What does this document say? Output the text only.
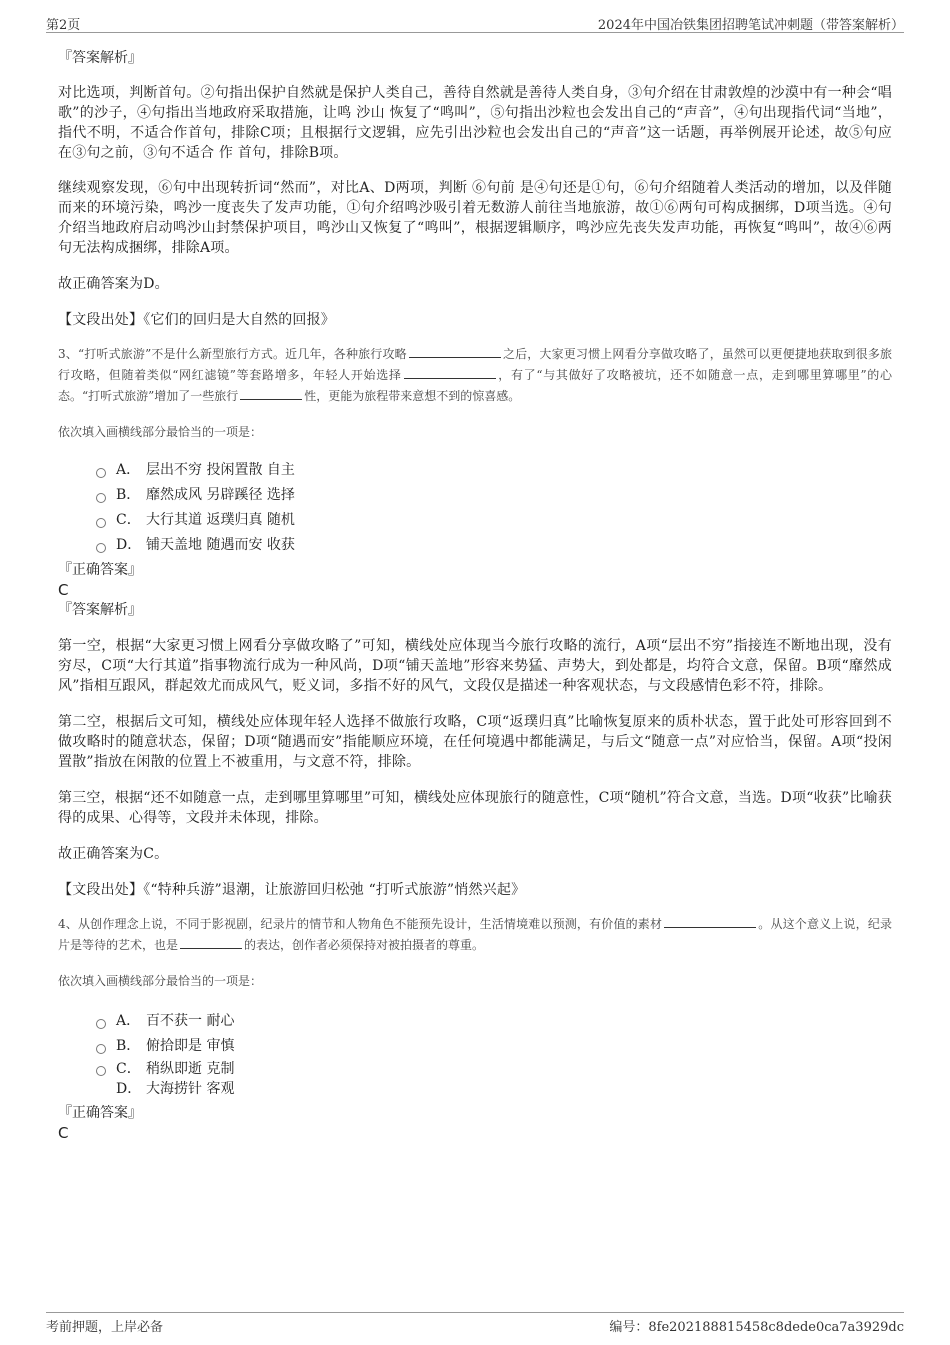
第2页	2024年中国冶铁集团招聘笔试冲刺题（带答案解析）

『答案解析』

对比选项，判断首句。②句指出保护自然就是保护人类自己，善待自然就是善待人类自身，③句介绍在甘肃敦煌的沙漠中有一种会“唱歌”的沙子，④句指出当地政府采取措施，让鸣 沙山 恢复了“鸣叫”，⑤句指出沙粒也会发出自己的“声音”，④句出现指代词“当地”，指代不明，不适合作首句，排除C项；且根据行文逻辑，应先引出沙粒也会发出自己的“声音”这一话题，再举例展开论述，故⑤句应在③句之前，③句不适合 作 首句，排除B项。

继续观察发现，⑥句中出现转折词“然而”，对比A、D两项，判断 ⑥句前 是④句还是①句，⑥句介绍随着人类活动的增加，以及伴随而来的环境污染，鸣沙一度丧失了发声功能，①句介绍鸣沙吸引着无数游人前往当地旅游，故①⑥两句可构成捆绑，D项当选。④句介绍当地政府启动鸣沙山封禁保护项目，鸣沙山又恢复了“鸣叫”，根据逻辑顺序，鸣沙应先丧失发声功能，再恢复“鸣叫”，故④⑥两句无法构成捆绑，排除A项。

故正确答案为D。

【文段出处】《它们的回归是大自然的回报》

3、“打听式旅游”不是什么新型旅行方式。近几年，各种旅行攻略	之后，大家更习惯上网看分享做攻略了，虽然可以更便捷地获取到很多旅行攻略，但随着类似“网红滤镜”等套路增多，年轻人开始选择	，有了“与其做好了攻略被坑，还不如随意一点，走到哪里算哪里”的心态。“打听式旅游”增加了一些旅行	性，更能为旅程带来意想不到的惊喜感。

依次填入画横线部分最恰当的一项是：

A． 层出不穷 投闲置散 自主
B． 靡然成风 另辟蹊径 选择
C． 大行其道 返璞归真 随机
D． 铺天盖地 随遇而安 收获

『正确答案』

C

『答案解析』

第一空，根据“大家更习惯上网看分享做攻略了”可知，横线处应体现当今旅行攻略的流行，A项“层出不穷”指接连不断地出现，没有穷尽，C项“大行其道”指事物流行成为一种风尚，D项“铺天盖地”形容来势猛、声势大，到处都是，均符合文意，保留。B项“靡然成风”指相互跟风，群起效尤而成风气，贬义词，多指不好的风气，文段仅是描述一种客观状态，与文段感情色彩不符，排除。

第二空，根据后文可知，横线处应体现年轻人选择不做旅行攻略，C项“返璞归真”比喻恢复原来的质朴状态，置于此处可形容回到不做攻略时的随意状态，保留；D项“随遇而安”指能顺应环境，在任何境遇中都能满足，与后文“随意一点”对应恰当，保留。A项“投闲置散”指放在闲散的位置上不被重用，与文意不符，排除。

第三空，根据“还不如随意一点，走到哪里算哪里”可知，横线处应体现旅行的随意性，C项“随机”符合文意，当选。D项“收获”比喻获得的成果、心得等，文段并未体现，排除。

故正确答案为C。

【文段出处】《“特种兵游”退潮，让旅游回归松弛 “打听式旅游”悄然兴起》

4、从创作理念上说，不同于影视剧，纪录片的情节和人物角色不能预先设计，生活情境难以预测，有价值的素材	。从这个意义上说，纪录片是等待的艺术，也是	的表达，创作者必须保持对被拍摄者的尊重。

依次填入画横线部分最恰当的一项是：

A． 百不获一 耐心
B． 俯拾即是 审慎
C． 稍纵即逝 克制
D． 大海捞针 客观

『正确答案』

C

考前押题，上岸必备	编号：8fe202188815458c8dede0ca7a3929dc
